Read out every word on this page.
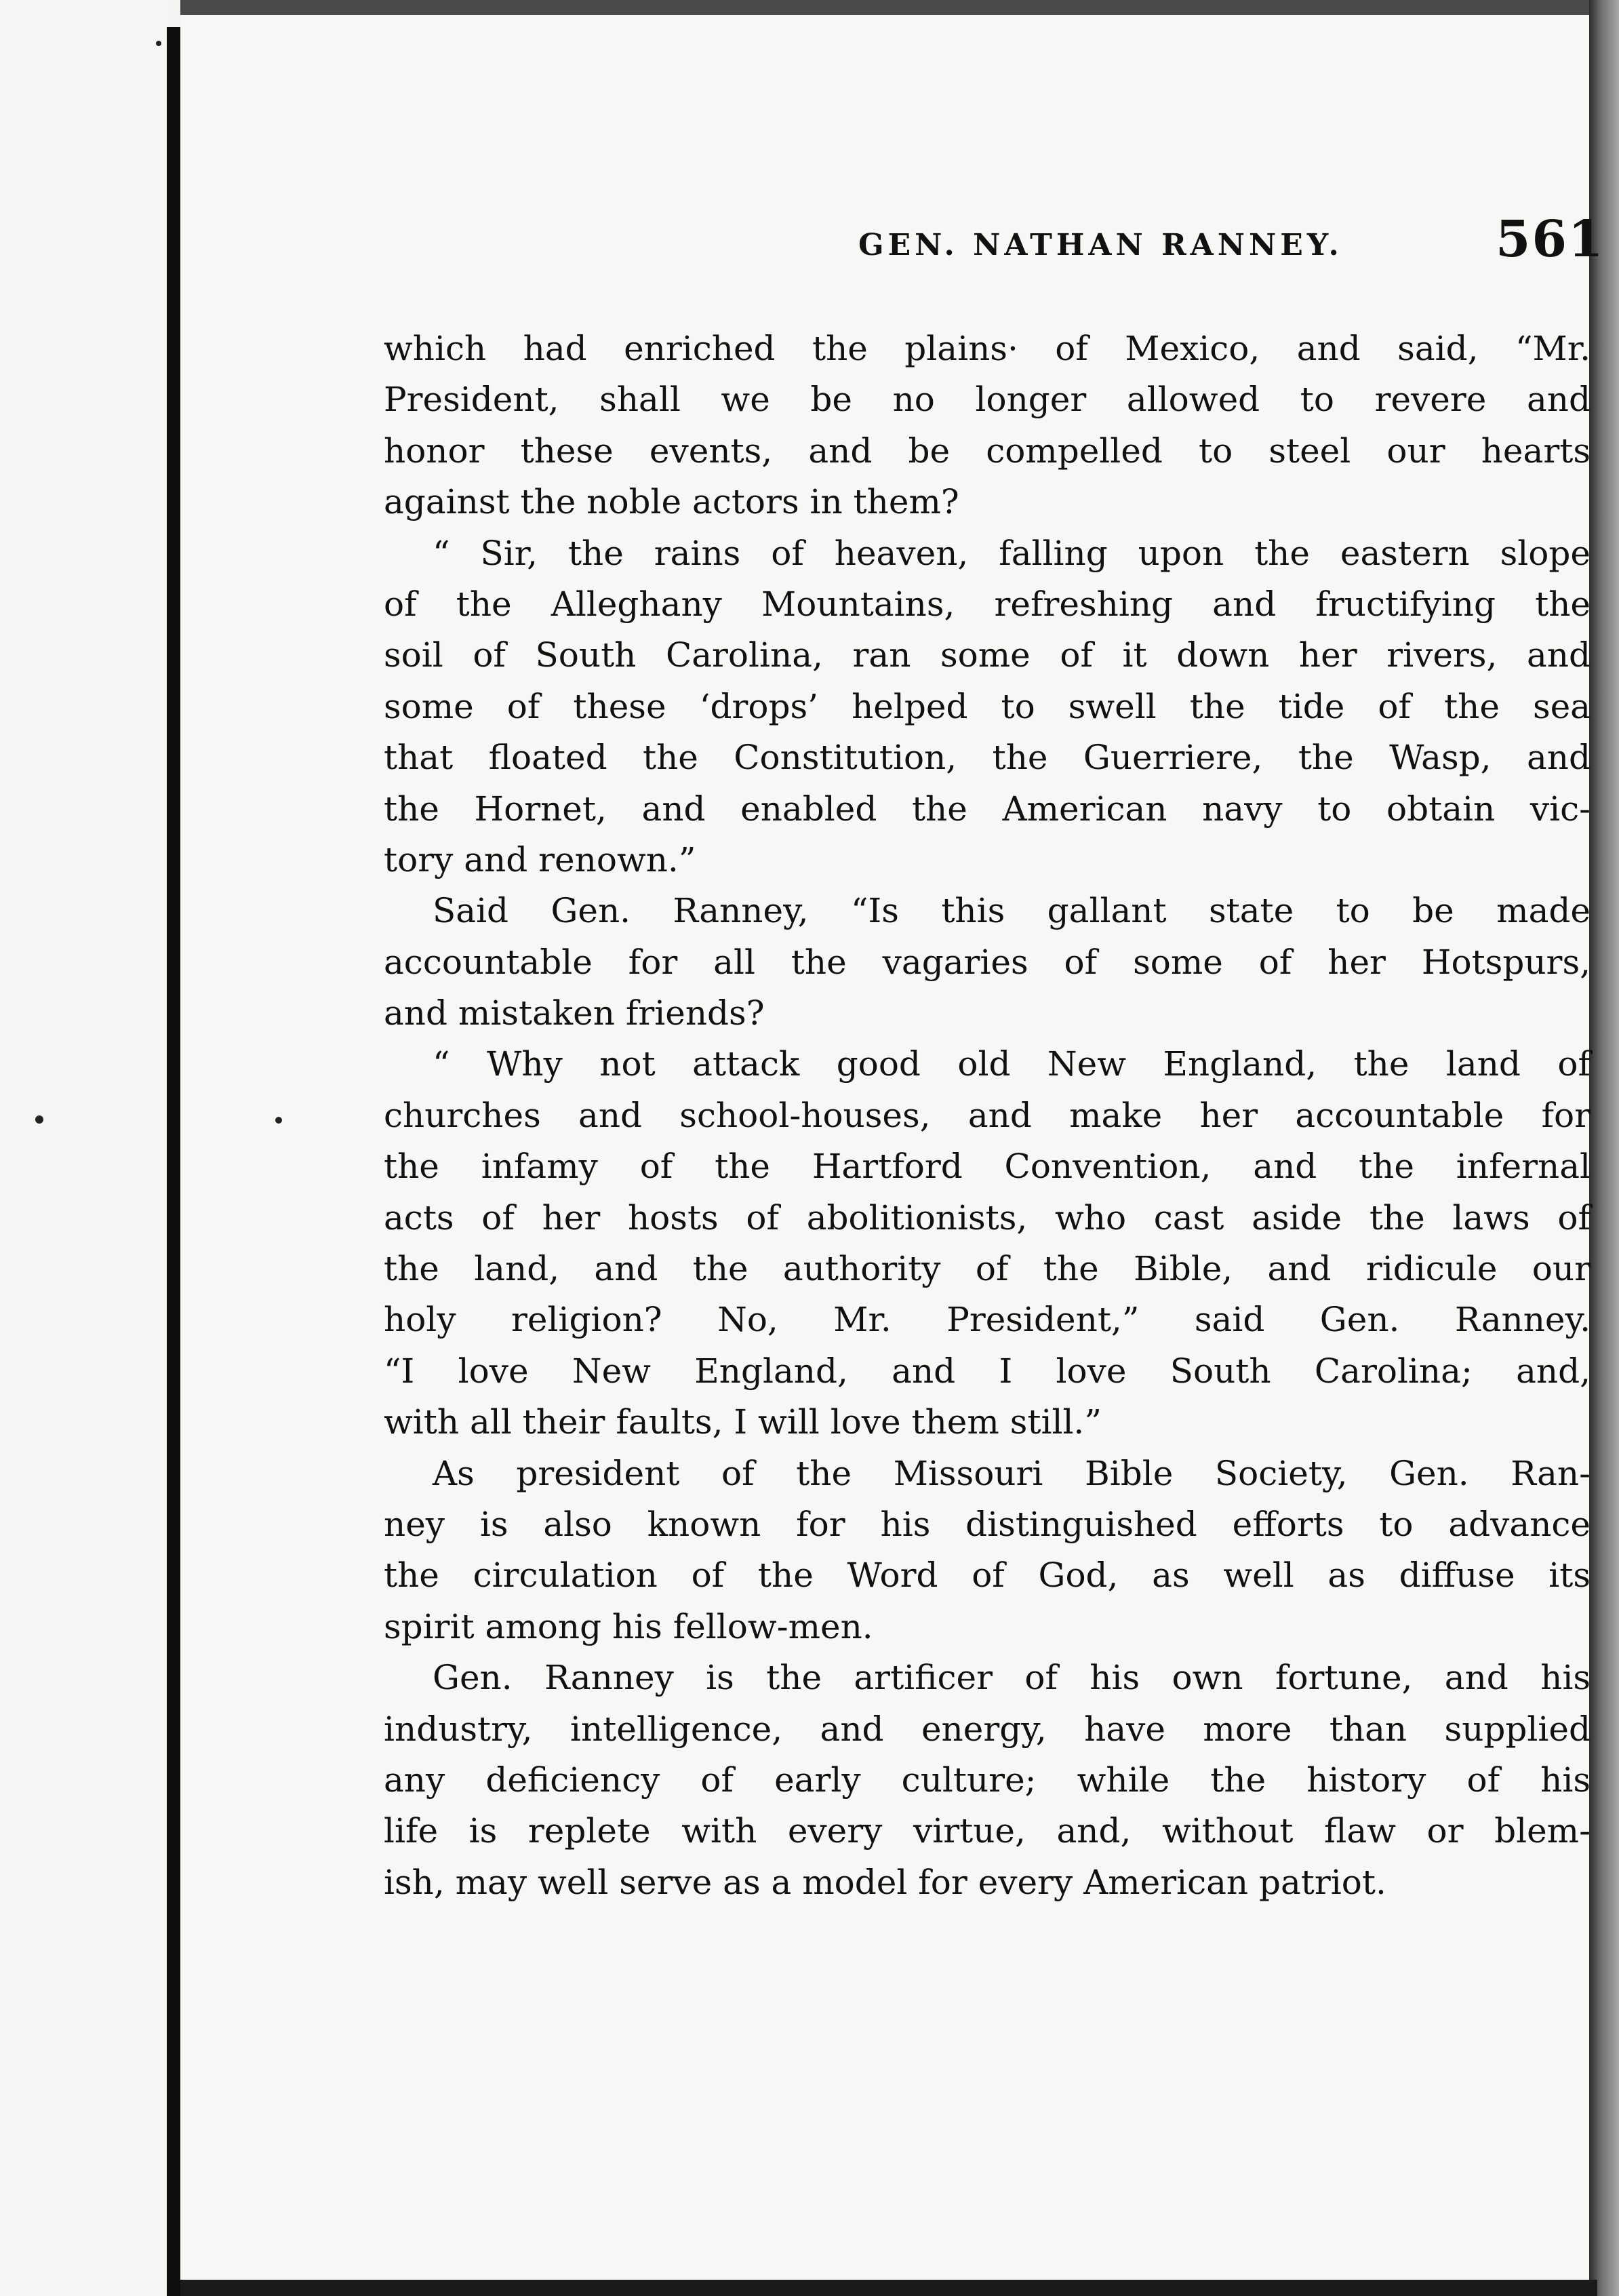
GEN. NATHAN RANNEY.	561
which had enriched the plains· of Mexico, and said, “Mr.
President, shall we be no longer allowed to revere and
honor these events, and be compelled to steel our hearts
against the noble actors in them?
“ Sir, the rains of heaven, falling upon the eastern slope
of the Alleghany Mountains, refreshing and fructifying the
soil of South Carolina, ran some of it down her rivers, and
some of these ‘drops’ helped to swell the tide of the sea
that floated the Constitution, the Guerriere, the Wasp, and
the Hornet, and enabled the American navy to obtain vic-
tory and renown.”
Said Gen. Ranney, “Is this gallant state to be made
accountable for all the vagaries of some of her Hotspurs,
and mistaken friends?
“ Why not attack good old New England, the land of
churches and school-houses, and make her accountable for
the infamy of the Hartford Convention, and the infernal
acts of her hosts of abolitionists, who cast aside the laws of
the land, and the authority of the Bible, and ridicule our
holy religion? No, Mr. President,” said Gen. Ranney.
“I love New England, and I love South Carolina; and,
with all their faults, I will love them still.”
As president of the Missouri Bible Society, Gen. Ran-
ney is also known for his distinguished efforts to advance
the circulation of the Word of God, as well as diffuse its
spirit among his fellow-men.
Gen. Ranney is the artificer of his own fortune, and his
industry, intelligence, and energy, have more than supplied
any deficiency of early culture; while the history of his
life is replete with every virtue, and, without flaw or blem-
ish, may well serve as a model for every American patriot.
